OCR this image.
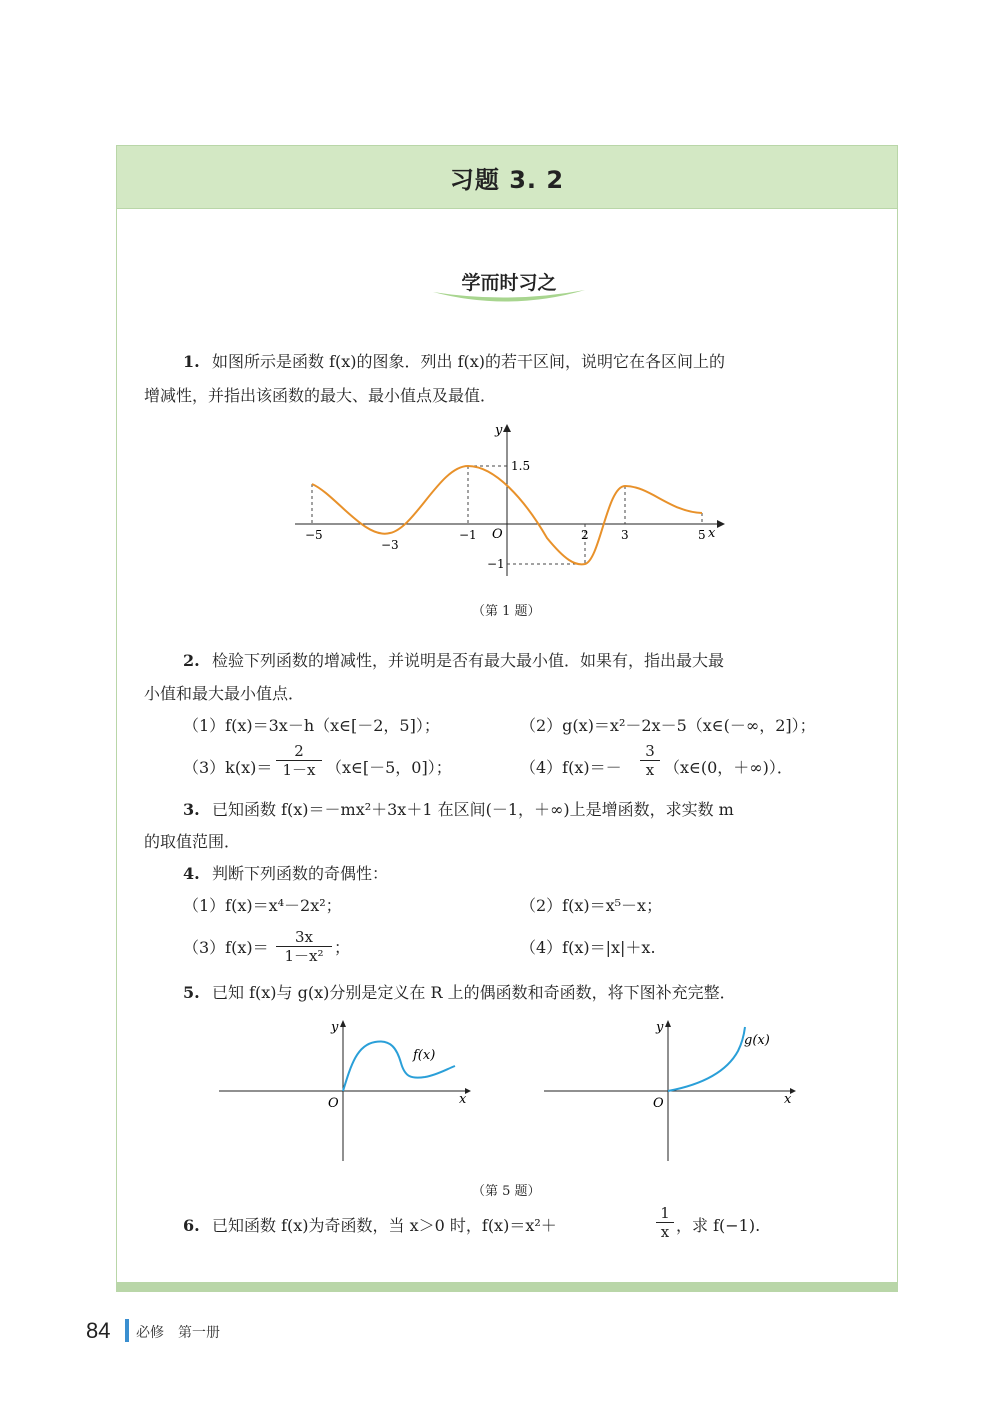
习题 3. 2
学而时习之
1. 如图所示是函数 f(x)的图象．列出 f(x)的若干区间，说明它在各区间上的
增减性，并指出该函数的最大、最小值点及最值．
y
x
O
−5
−3
−1	2	3	5
1.5
−1
（第 1 题）
2. 检验下列函数的增减性，并说明是否有最大最小值．如果有，指出最大最
小值和最大最小值点．
（1）f(x)＝3x－h（x∈[－2，5]）；	（2）g(x)＝x²－2x－5（x∈(－∞，2]）；
$(3)k(x)= \frac{2}{1-x}$ （x∈[－5，0]）；	$(4)f(x)=- \frac{3}{x}$ （x∈(0，＋∞)）．
3. 已知函数 f(x)＝－mx²＋3x＋1 在区间(－1，＋∞)上是增函数，求实数 m
的取值范围．
4. 判断下列函数的奇偶性：
（1）f(x)＝x⁴－2x²；	（2）f(x)＝x⁵－x；
$(3)f(x)= \frac{3x}{\text{1－x²}}$ ；	（4）f(x)＝|x|＋x.
5. 已知 f(x)与 g(x)分别是定义在 R 上的偶函数和奇函数，将下图补充完整．
y
x
O
f(x)
y
x
O
g(x)
（第 5 题）
6. 已知函数 f(x)为奇函数，当 x＞0 时，f(x)＝x²＋	$\frac{1}{x}$ ，求 f(−1).
84 必修　第一册
